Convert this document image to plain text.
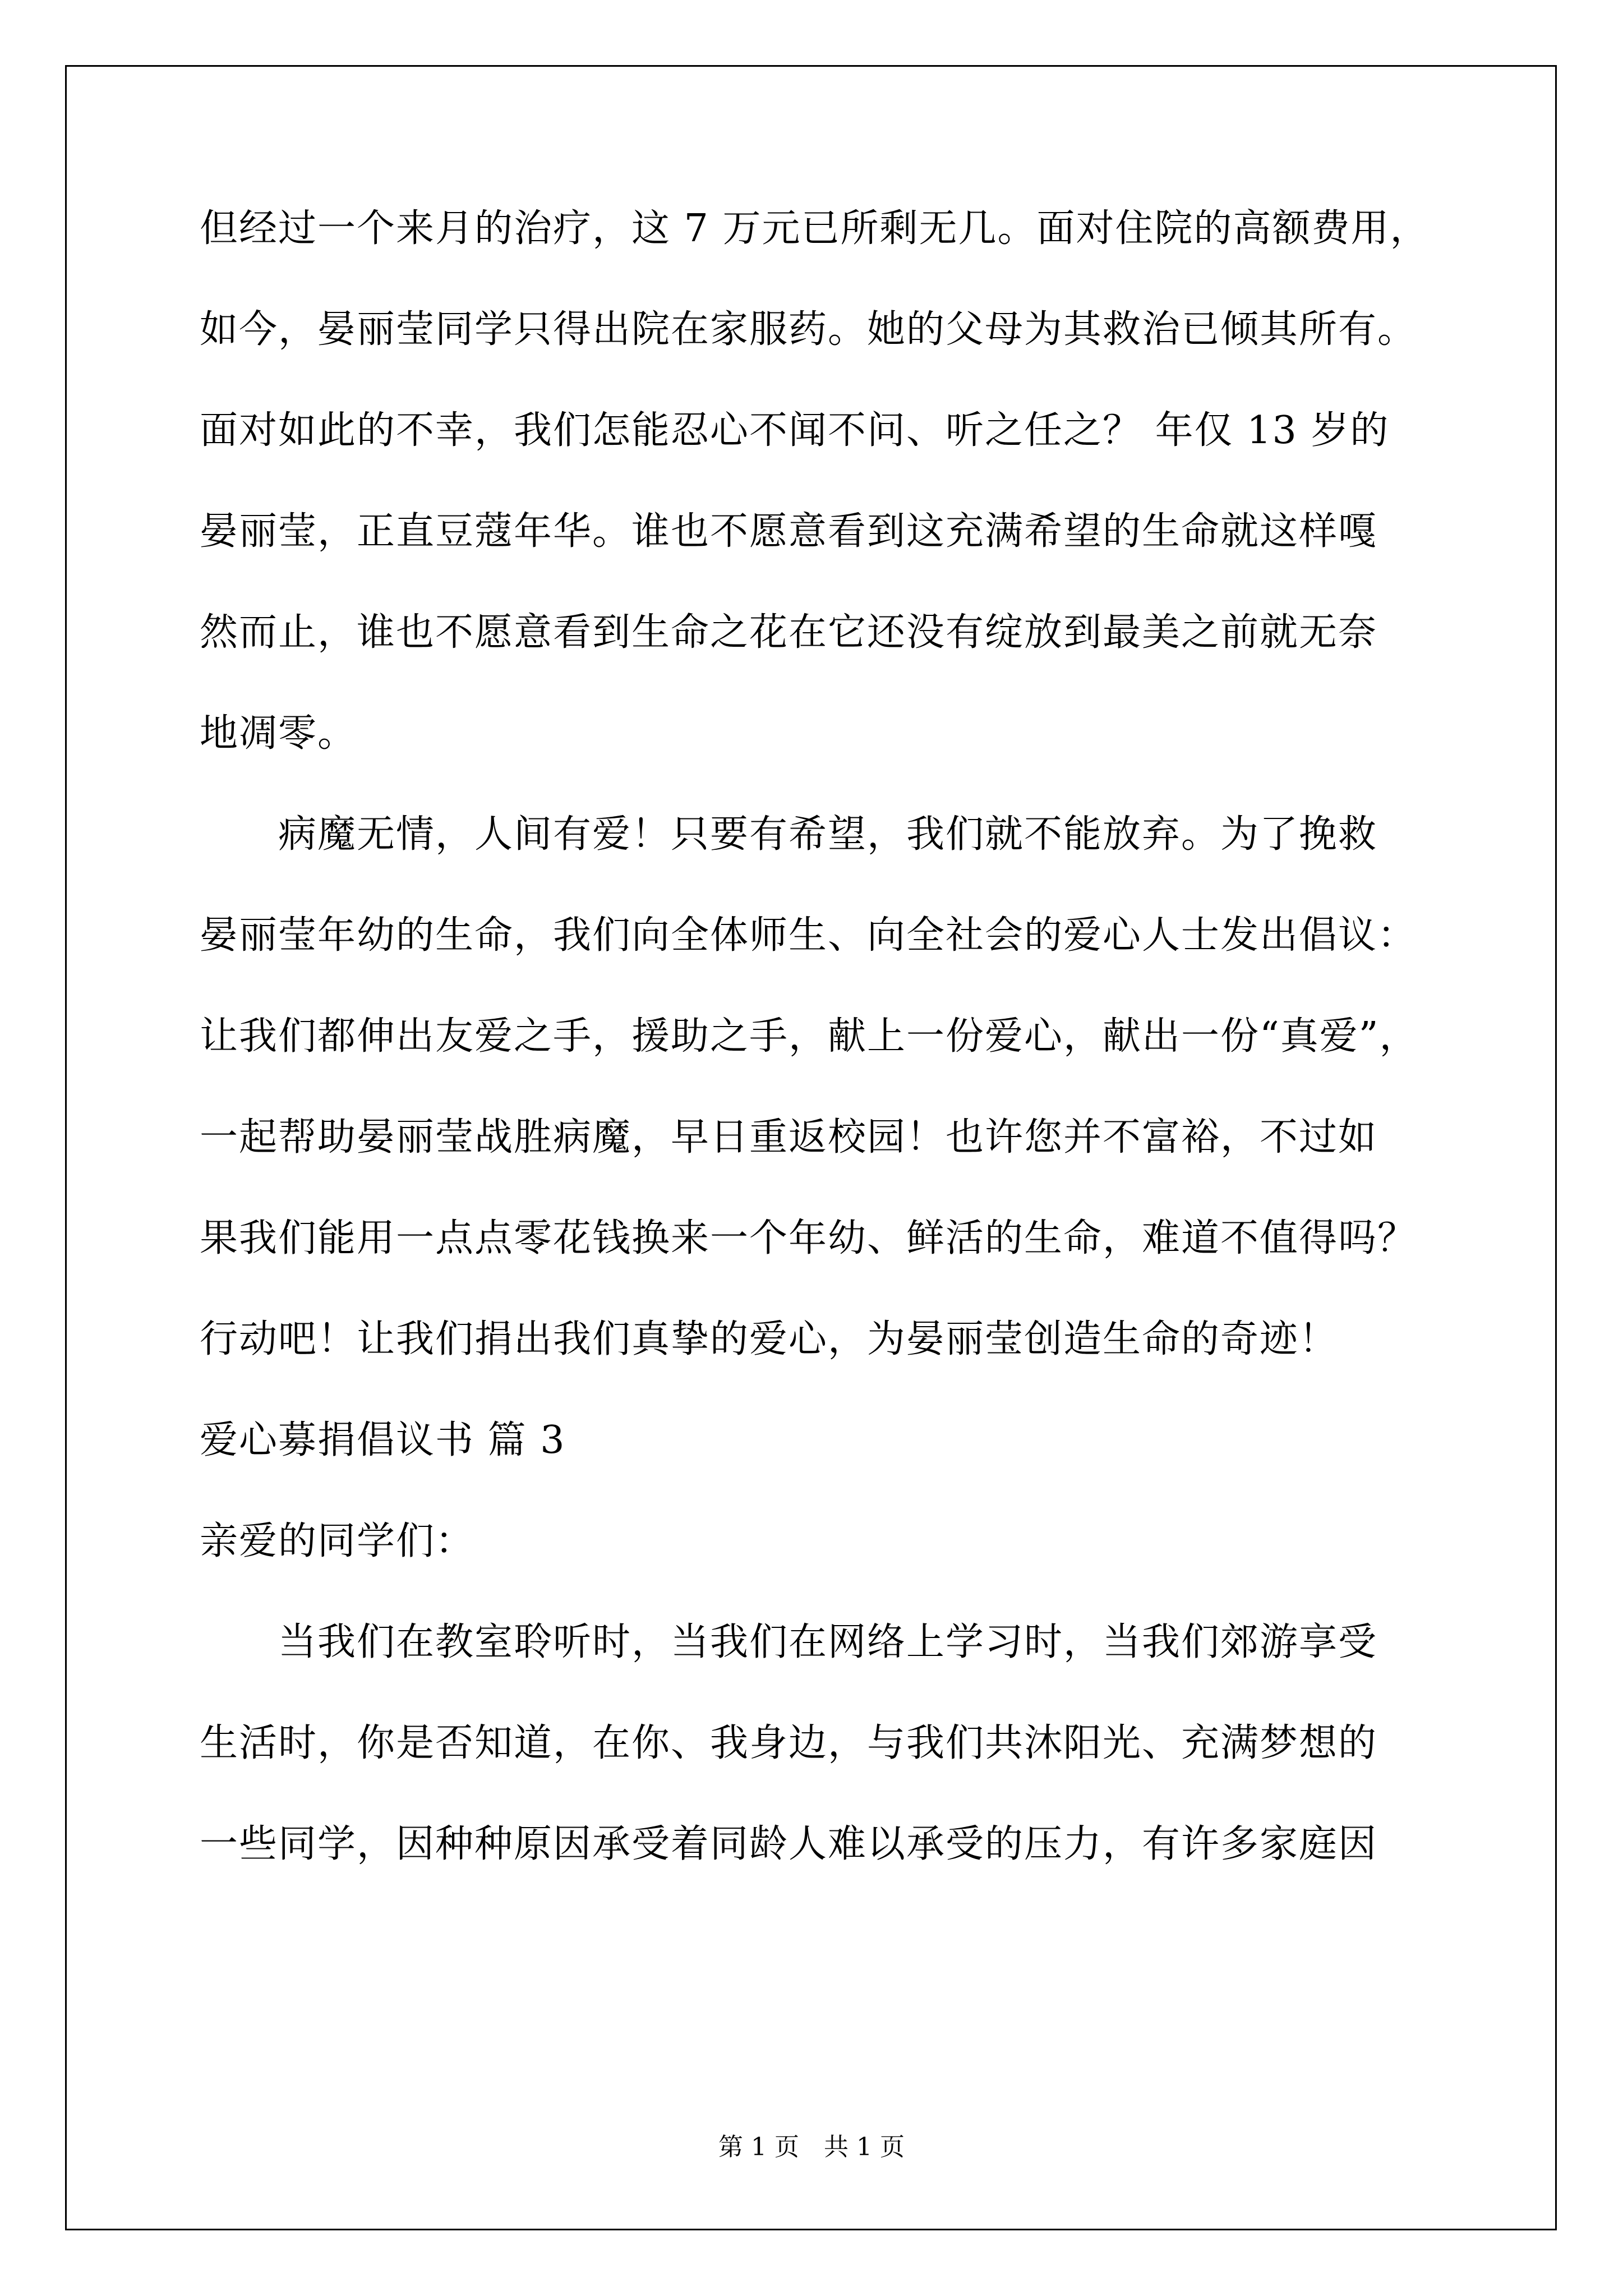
但经过一个来月的治疗，这 7 万元已所剩无几。面对住院的高额费用，
如今，晏丽莹同学只得出院在家服药。她的父母为其救治已倾其所有。
面对如此的不幸，我们怎能忍心不闻不问、听之任之？ 年仅 13 岁的
晏丽莹，正直豆蔻年华。谁也不愿意看到这充满希望的生命就这样嘎
然而止，谁也不愿意看到生命之花在它还没有绽放到最美之前就无奈
地凋零。
　　病魔无情，人间有爱！只要有希望，我们就不能放弃。为了挽救
晏丽莹年幼的生命，我们向全体师生、向全社会的爱心人士发出倡议：
让我们都伸出友爱之手，援助之手，献上一份爱心，献出一份“真爱”，
一起帮助晏丽莹战胜病魔，早日重返校园！也许您并不富裕，不过如
果我们能用一点点零花钱换来一个年幼、鲜活的生命，难道不值得吗？
行动吧！让我们捐出我们真挚的爱心，为晏丽莹创造生命的奇迹！
爱心募捐倡议书 篇 3
亲爱的同学们：
　　当我们在教室聆听时，当我们在网络上学习时，当我们郊游享受
生活时，你是否知道，在你、我身边，与我们共沐阳光、充满梦想的
一些同学，因种种原因承受着同龄人难以承受的压力，有许多家庭因
第 1 页　共 1 页
